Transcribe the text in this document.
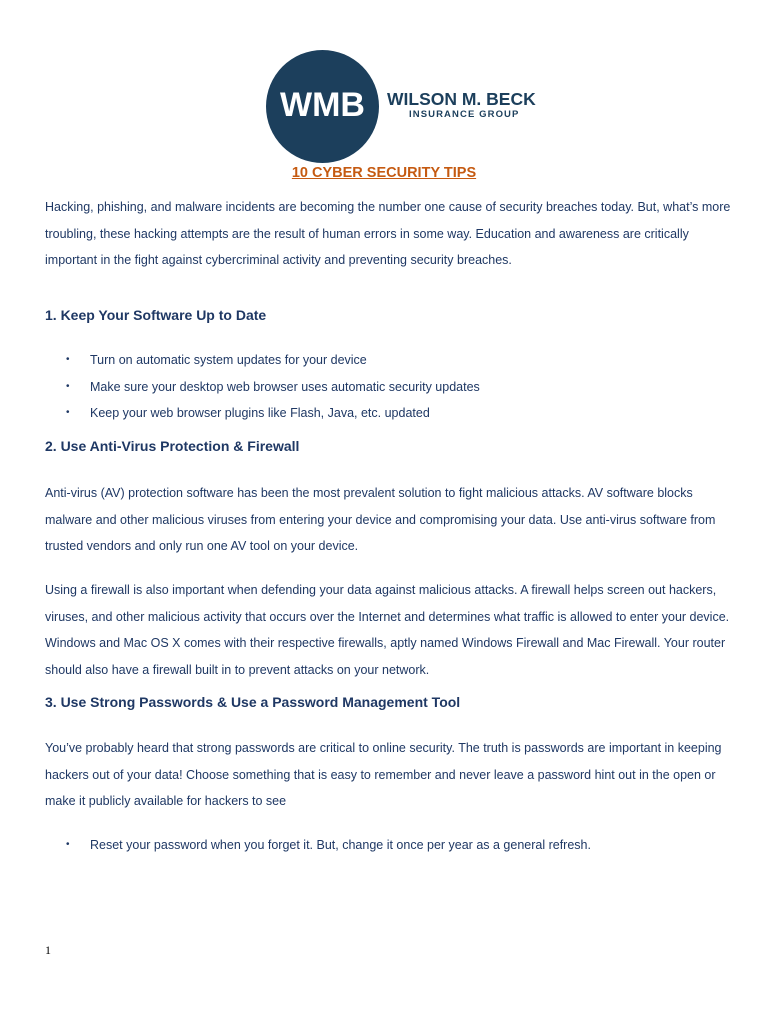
WMB	WILSON M. BECK
INSURANCE GROUP
10 CYBER SECURITY TIPS

Hacking, phishing, and malware incidents are becoming the number one cause of security breaches today. But, what’s more troubling, these hacking attempts are the result of human errors in some way. Education and awareness are critically important in the fight against cybercriminal activity and preventing security breaches.

1. Keep Your Software Up to Date
• Turn on automatic system updates for your device
• Make sure your desktop web browser uses automatic security updates
• Keep your web browser plugins like Flash, Java, etc. updated
2. Use Anti-Virus Protection & Firewall

Anti-virus (AV) protection software has been the most prevalent solution to fight malicious attacks. AV software blocks malware and other malicious viruses from entering your device and compromising your data. Use anti-virus software from trusted vendors and only run one AV tool on your device.

Using a firewall is also important when defending your data against malicious attacks. A firewall helps screen out hackers, viruses, and other malicious activity that occurs over the Internet and determines what traffic is allowed to enter your device. Windows and Mac OS X comes with their respective firewalls, aptly named Windows Firewall and Mac Firewall. Your router should also have a firewall built in to prevent attacks on your network.

3. Use Strong Passwords & Use a Password Management Tool

You’ve probably heard that strong passwords are critical to online security. The truth is passwords are important in keeping hackers out of your data! Choose something that is easy to remember and never leave a password hint out in the open or make it publicly available for hackers to see

• Reset your password when you forget it. But, change it once per year as a general refresh.
1
